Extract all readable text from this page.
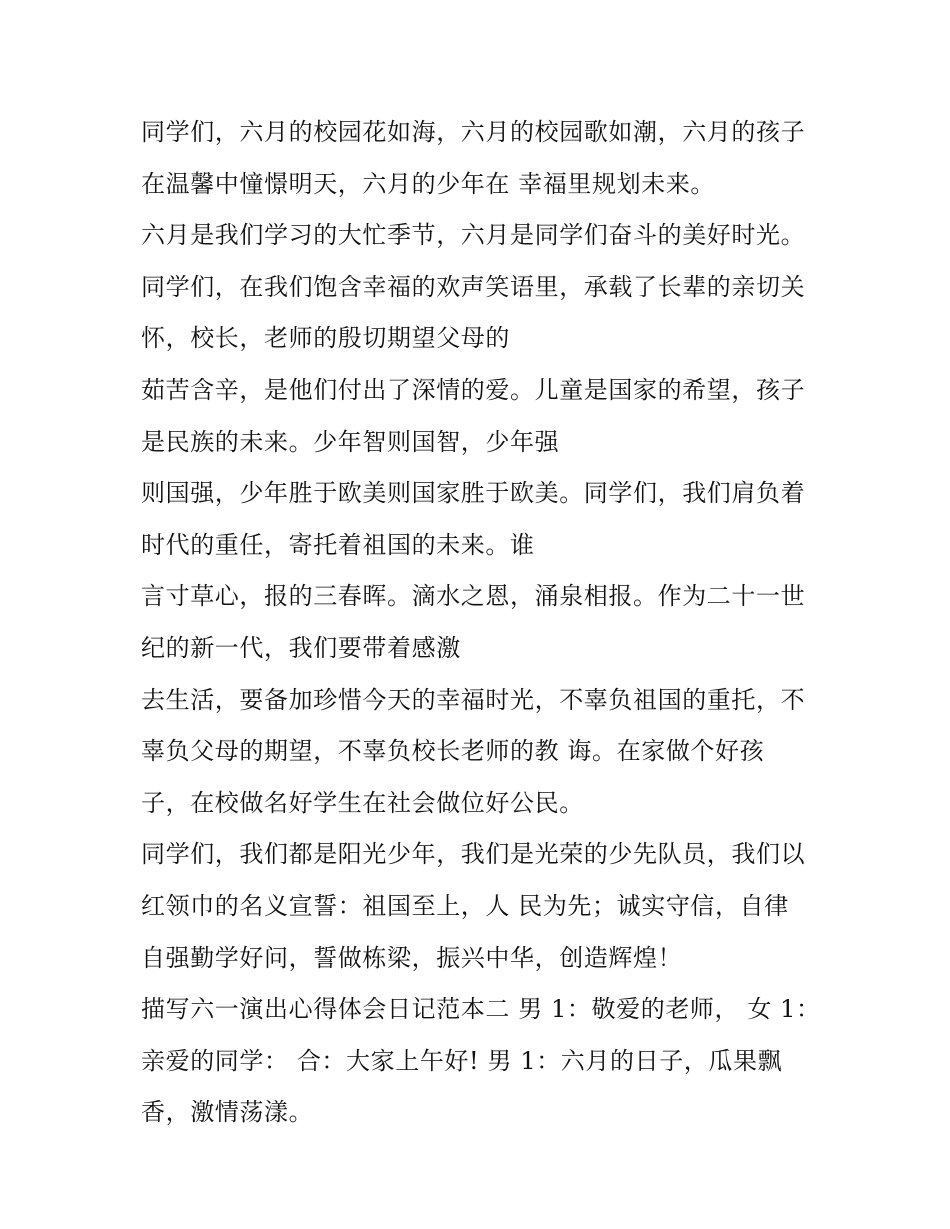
同学们，六月的校园花如海，六月的校园歌如潮，六月的孩子
在温馨中憧憬明天，六月的少年在 幸福里规划未来。
六月是我们学习的大忙季节，六月是同学们奋斗的美好时光。
同学们，在我们饱含幸福的欢声笑语里，承载了长辈的亲切关
怀，校长，老师的殷切期望父母的
茹苦含辛，是他们付出了深情的爱。儿童是国家的希望，孩子
是民族的未来。少年智则国智，少年强
则国强，少年胜于欧美则国家胜于欧美。同学们，我们肩负着
时代的重任，寄托着祖国的未来。谁
言寸草心，报的三春晖。滴水之恩，涌泉相报。作为二十一世
纪的新一代，我们要带着感激
去生活，要备加珍惜今天的幸福时光，不辜负祖国的重托，不
辜负父母的期望，不辜负校长老师的教 诲。在家做个好孩
子，在校做名好学生在社会做位好公民。
同学们，我们都是阳光少年，我们是光荣的少先队员，我们以
红领巾的名义宣誓：祖国至上，人 民为先；诚实守信，自律
自强勤学好问，誓做栋梁，振兴中华，创造辉煌！
描写六一演出心得体会日记范本二 男 1：敬爱的老师， 女 1：
亲爱的同学： 合：大家上午好! 男 1：六月的日子，瓜果飘
香，激情荡漾。
